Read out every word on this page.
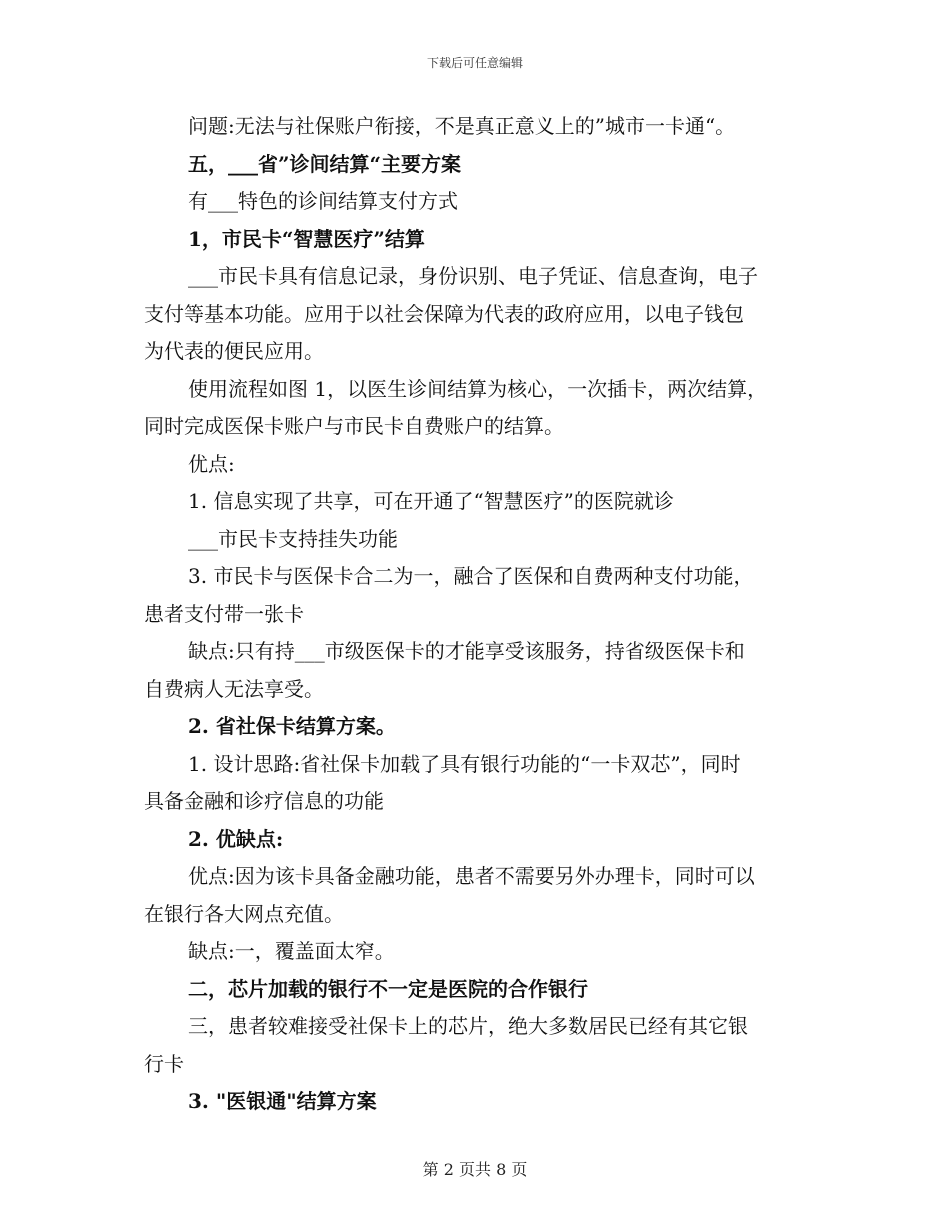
下载后可任意编辑
问题:无法与社保账户衔接，不是真正意义上的”城市一卡通“。
五，___省”诊间结算“主要方案
有___特色的诊间结算支付方式
1，市民卡“智慧医疗”结算
___市民卡具有信息记录，身份识别、电子凭证、信息查询，电子
支付等基本功能。应用于以社会保障为代表的政府应用，以电子钱包
为代表的便民应用。
使用流程如图 1，以医生诊间结算为核心，一次插卡，两次结算，
同时完成医保卡账户与市民卡自费账户的结算。
优点:
1. 信息实现了共享，可在开通了“智慧医疗”的医院就诊
___市民卡支持挂失功能
3. 市民卡与医保卡合二为一，融合了医保和自费两种支付功能，
患者支付带一张卡
缺点:只有持___市级医保卡的才能享受该服务，持省级医保卡和
自费病人无法享受。
2. 省社保卡结算方案。
1. 设计思路:省社保卡加载了具有银行功能的“一卡双芯”，同时
具备金融和诊疗信息的功能
2. 优缺点:
优点:因为该卡具备金融功能，患者不需要另外办理卡，同时可以
在银行各大网点充值。
缺点:一，覆盖面太窄。
二，芯片加载的银行不一定是医院的合作银行
三，患者较难接受社保卡上的芯片，绝大多数居民已经有其它银
行卡
3. "医银通"结算方案
第 2 页共 8 页
